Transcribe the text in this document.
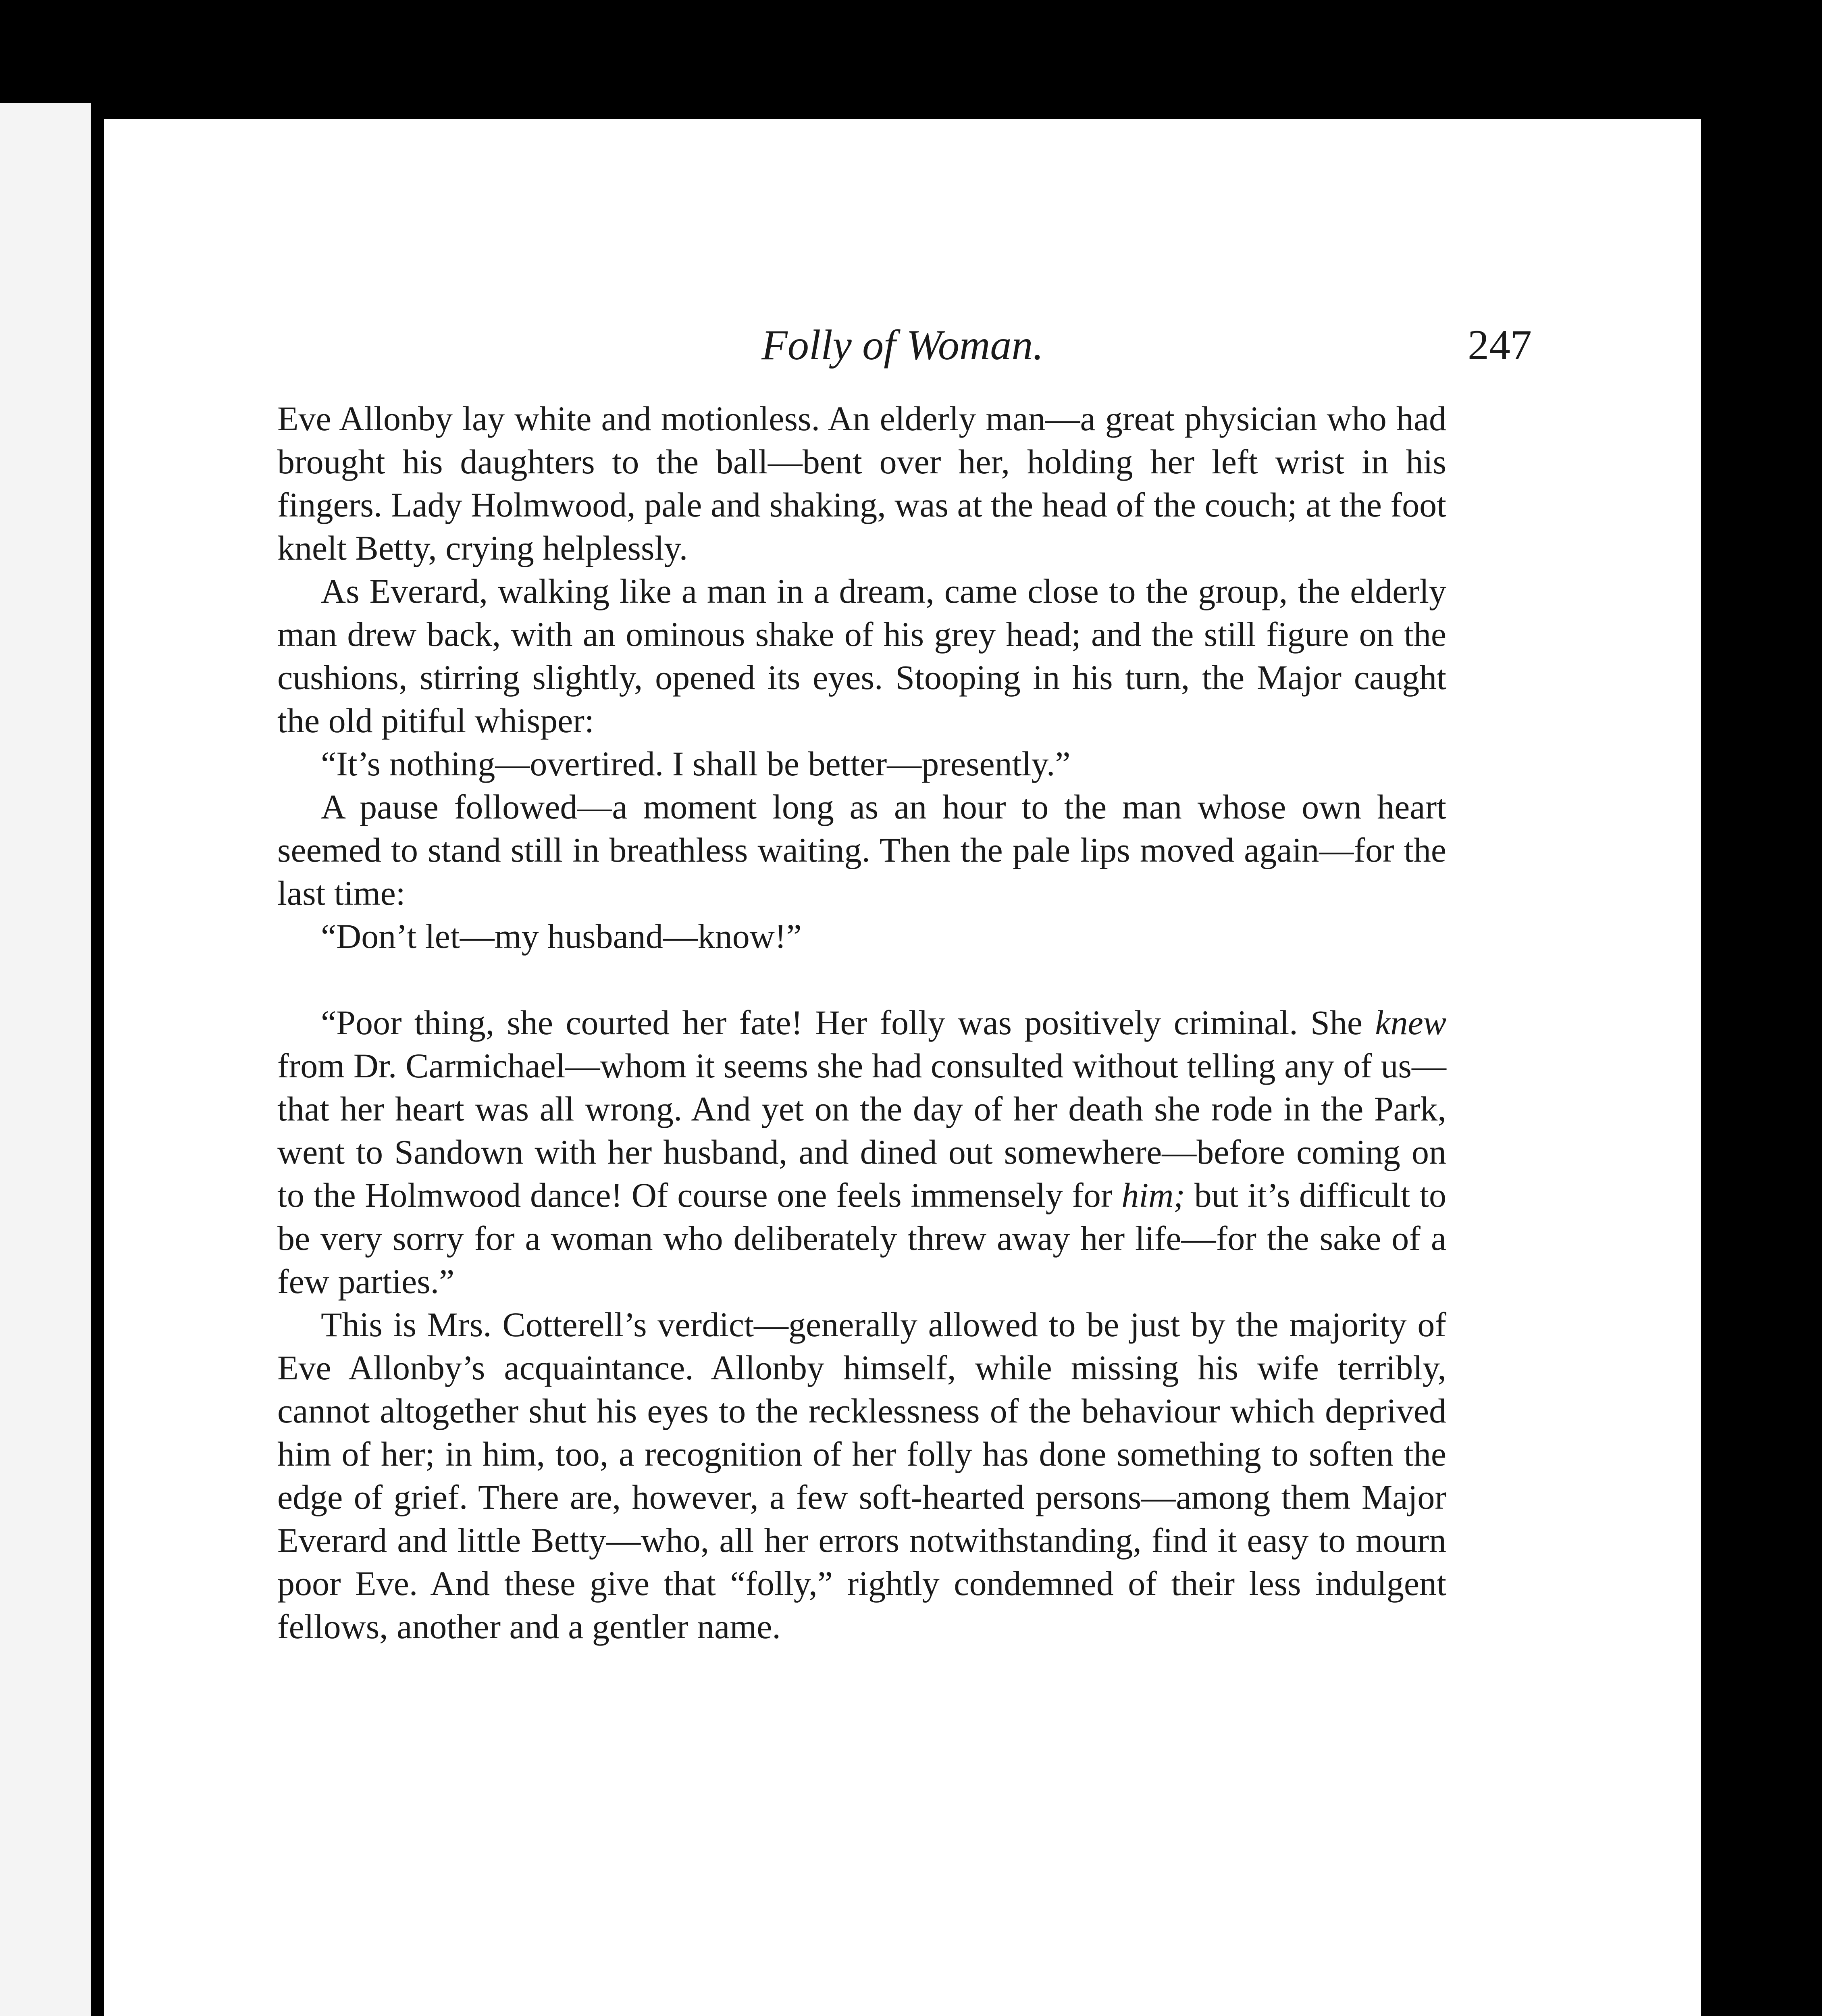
Folly of Woman.	247

Eve Allonby lay white and motionless. An elderly man—a great physician who had brought his daughters to the ball—bent over her, holding her left wrist in his fingers. Lady Holmwood, pale and shaking, was at the head of the couch; at the foot knelt Betty, crying helplessly.

As Everard, walking like a man in a dream, came close to the group, the elderly man drew back, with an ominous shake of his grey head; and the still figure on the cushions, stirring slightly, opened its eyes. Stooping in his turn, the Major caught the old pitiful whisper:

“It’s nothing—overtired. I shall be better—presently.”

A pause followed—a moment long as an hour to the man whose own heart seemed to stand still in breathless waiting. Then the pale lips moved again—for the last time:

“Don’t let—my husband—know!”

“Poor thing, she courted her fate! Her folly was positively criminal. She knew from Dr. Carmichael—whom it seems she had consulted without telling any of us—that her heart was all wrong. And yet on the day of her death she rode in the Park, went to Sandown with her husband, and dined out somewhere—before coming on to the Holmwood dance! Of course one feels immensely for him; but it’s difficult to be very sorry for a woman who deliberately threw away her life—for the sake of a few parties.”

This is Mrs. Cotterell’s verdict—generally allowed to be just by the majority of Eve Allonby’s acquaintance. Allonby himself, while missing his wife terribly, cannot altogether shut his eyes to the recklessness of the behaviour which deprived him of her; in him, too, a recognition of her folly has done something to soften the edge of grief. There are, however, a few soft-hearted persons—among them Major Everard and little Betty—who, all her errors notwithstanding, find it easy to mourn poor Eve. And these give that “folly,” rightly condemned of their less indulgent fellows, another and a gentler name.
